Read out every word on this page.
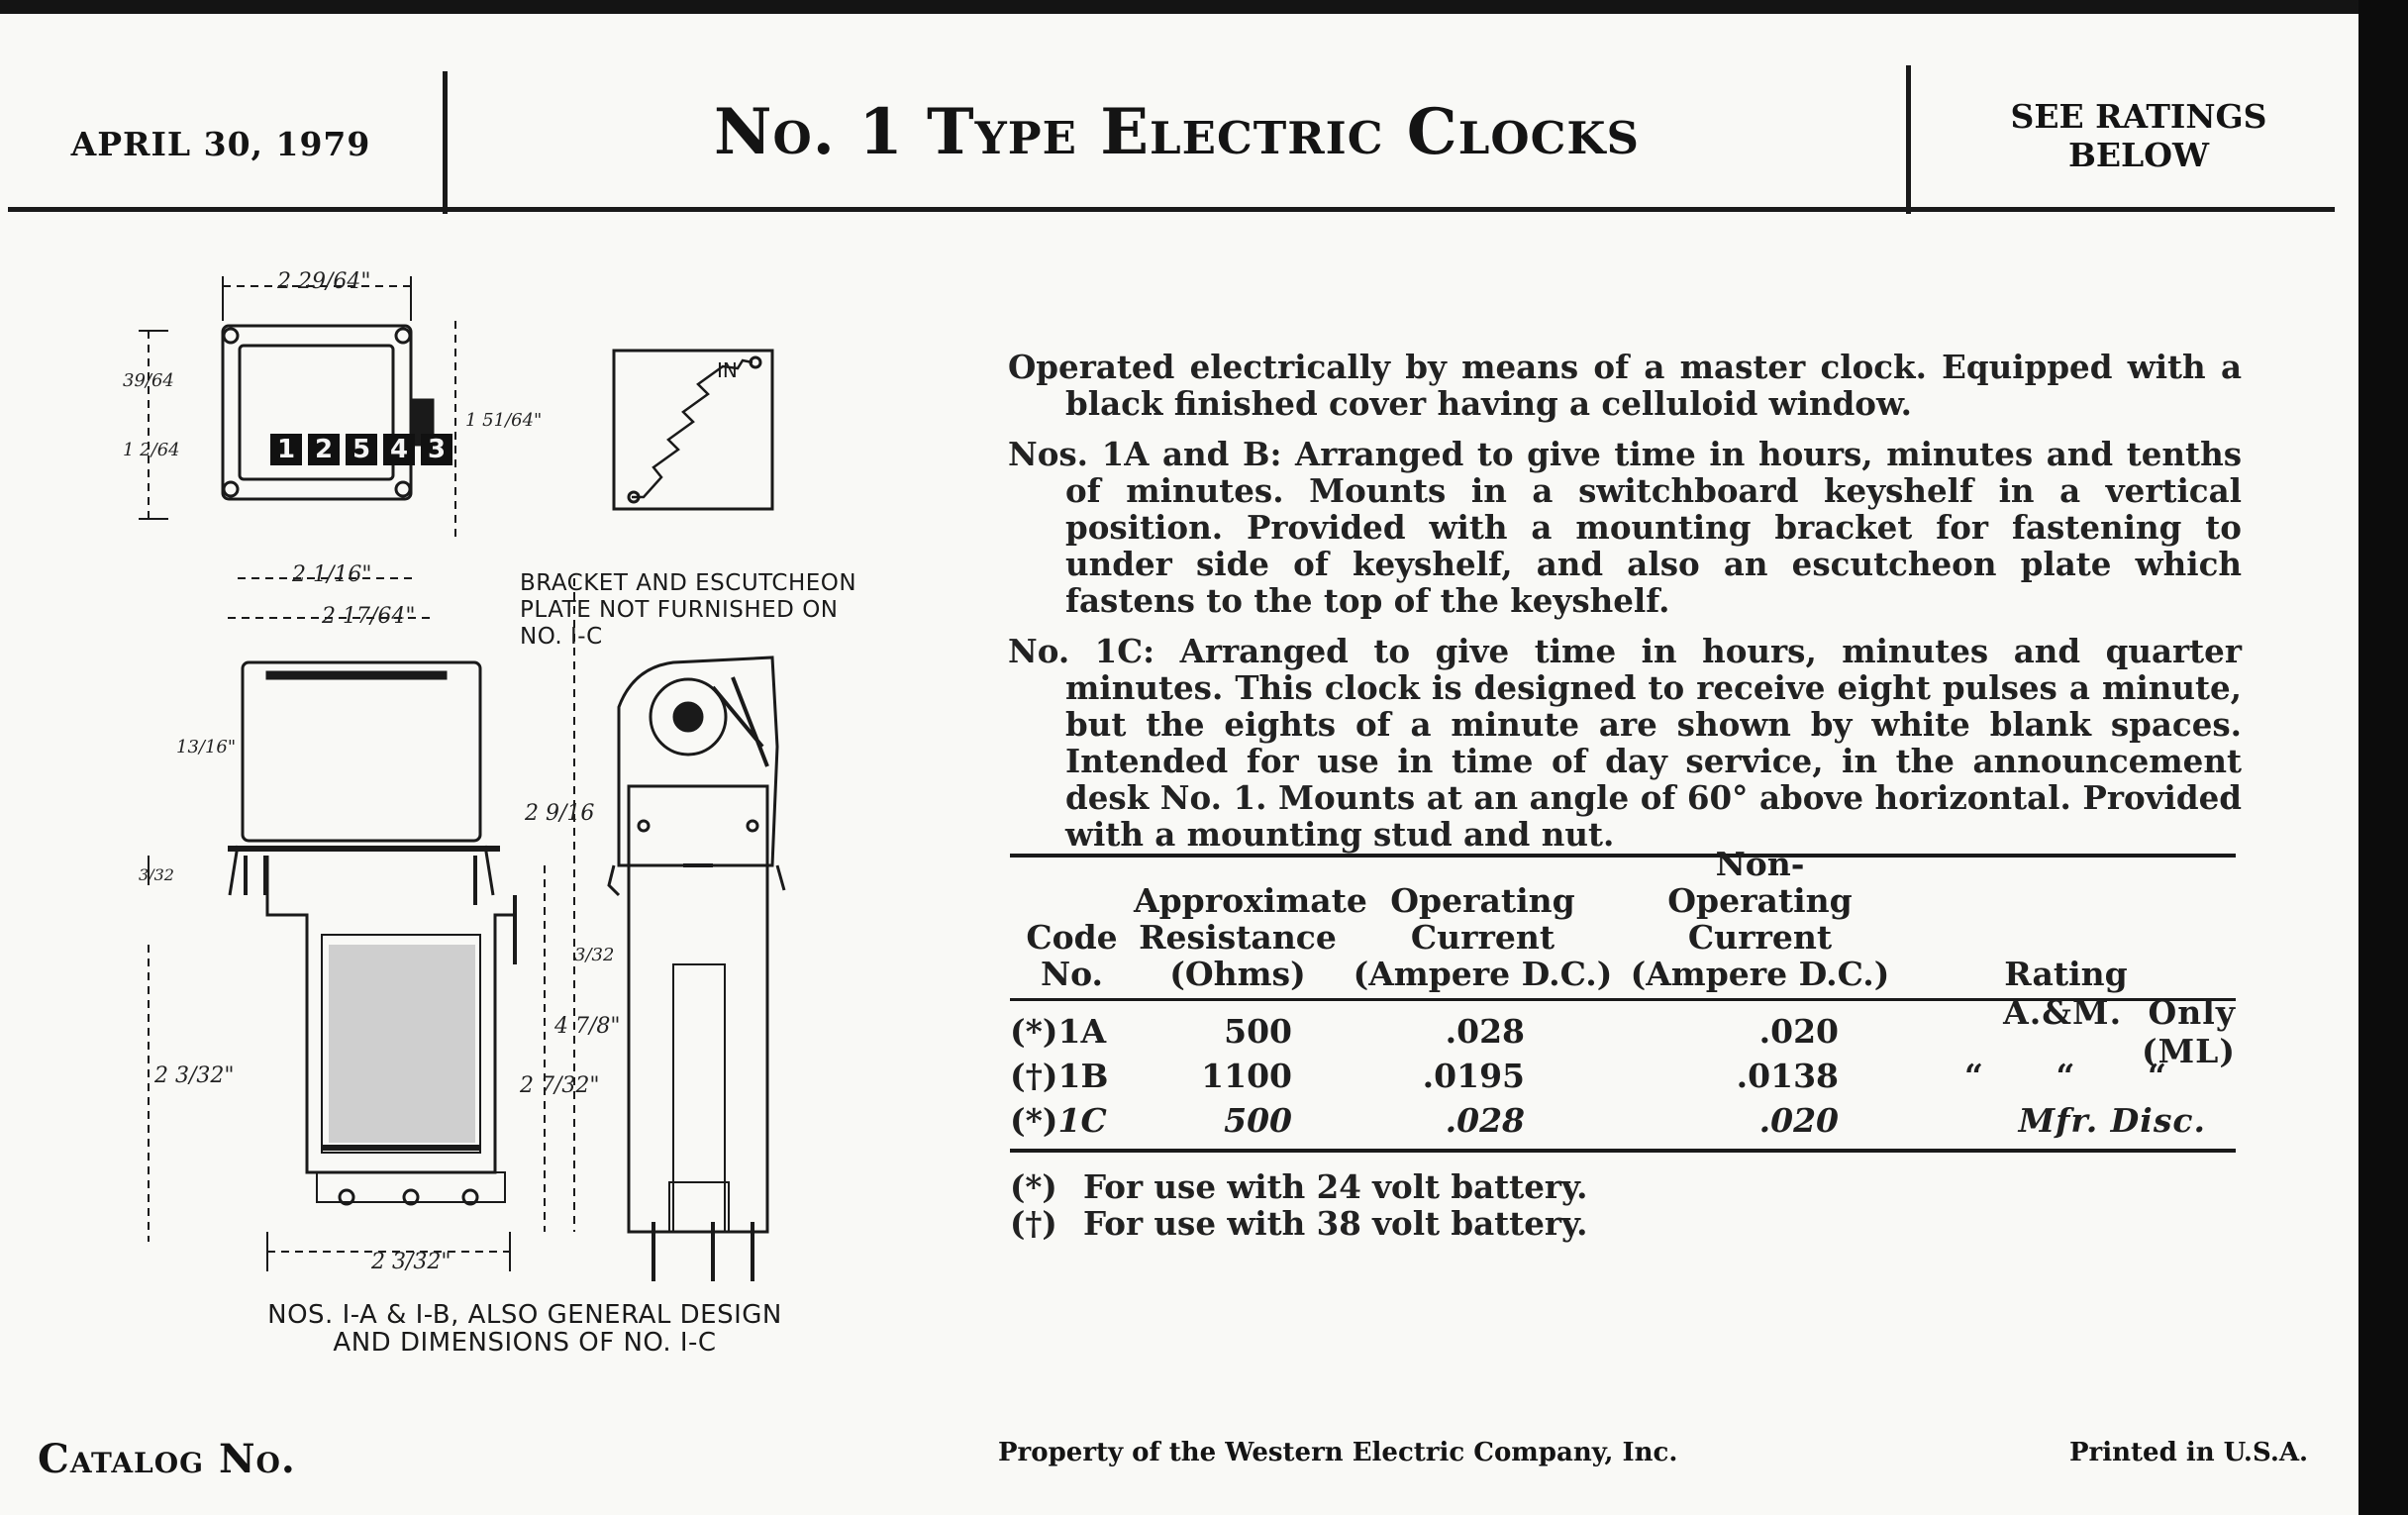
APRIL 30, 1979	No. 1 Type Electric Clocks	SEE RATINGS
BELOW
1 2 5 4 3
IN
2 29/64"
39/64
1 2/64
1 51/64"
2 1/16"
2 17/64"
13/16"
2 9/16
3/32
3/32
4 7/8"
2 3/32"	2 7/32"
2 3/32"
BRACKET AND ESCUTCHEON
PLATE NOT FURNISHED ON
NO. I-C
NOS. I-A & I-B, ALSO GENERAL DESIGN
AND DIMENSIONS OF NO. I-C

Operated electrically by means of a master clock. Equipped with a black finished cover having a celluloid window.

Nos. 1A and B: Arranged to give time in hours, minutes and tenths of minutes. Mounts in a switchboard keyshelf in a vertical position. Provided with a mounting bracket for fastening to under side of keyshelf, and also an escutcheon plate which fastens to the top of the keyshelf.

No. 1C: Arranged to give time in hours, minutes and quarter minutes. This clock is designed to receive eight pulses a minute, but the eights of a minute are shown by white blank spaces. Intended for use in time of day service, in the announcement desk No. 1. Mounts at an angle of 60° above horizontal. Provided with a mounting stud and nut.

Code
No.
Approximate
Resistance
(Ohms)
Operating
Current
(Ampere D.C.)
Non-Operating
Current
(Ampere D.C.)	Rating
(*)1A	500	.028	.020	A.&M. Only (ML)
(†)1B	1100	.0195	.0138	“ “ “
(*)1C	500	.028	.020	Mfr. Disc.
(*) For use with 24 volt battery.
(†) For use with 38 volt battery.
Catalog No.	Property of the Western Electric Company, Inc.	Printed in U.S.A.
